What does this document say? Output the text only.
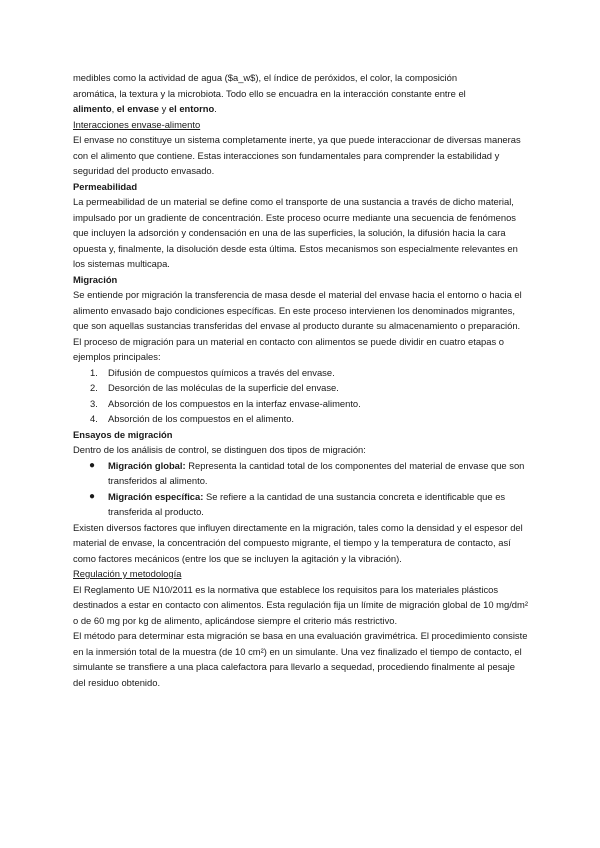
medibles como la actividad de agua ($a_w$), el índice de peróxidos, el color, la composición
aromática, la textura y la microbiota. Todo ello se encuadra en la interacción constante entre el
alimento, el envase y el entorno.

Interacciones envase-alimento

El envase no constituye un sistema completamente inerte, ya que puede interaccionar de diversas maneras con el alimento que contiene. Estas interacciones son fundamentales para comprender la estabilidad y seguridad del producto envasado.

Permeabilidad

La permeabilidad de un material se define como el transporte de una sustancia a través de dicho material, impulsado por un gradiente de concentración. Este proceso ocurre mediante una secuencia de fenómenos que incluyen la adsorción y condensación en una de las superficies, la solución, la difusión hacia la cara opuesta y, finalmente, la disolución desde esta última. Estos mecanismos son especialmente relevantes en los sistemas multicapa.

Migración

Se entiende por migración la transferencia de masa desde el material del envase hacia el entorno o hacia el alimento envasado bajo condiciones específicas. En este proceso intervienen los denominados migrantes, que son aquellas sustancias transferidas del envase al producto durante su almacenamiento o preparación.

El proceso de migración para un material en contacto con alimentos se puede dividir en cuatro etapas o ejemplos principales:

1. Difusión de compuestos químicos a través del envase.
2. Desorción de las moléculas de la superficie del envase.
3. Absorción de los compuestos en la interfaz envase-alimento.
4. Absorción de los compuestos en el alimento.

Ensayos de migración

Dentro de los análisis de control, se distinguen dos tipos de migración:

● Migración global: Representa la cantidad total de los componentes del material de envase que son transferidos al alimento.
● Migración específica: Se refiere a la cantidad de una sustancia concreta e identificable que es transferida al producto.

Existen diversos factores que influyen directamente en la migración, tales como la densidad y el espesor del material de envase, la concentración del compuesto migrante, el tiempo y la temperatura de contacto, así como factores mecánicos (entre los que se incluyen la agitación y la vibración).

Regulación y metodología

El Reglamento UE N10/2011 es la normativa que establece los requisitos para los materiales plásticos destinados a estar en contacto con alimentos. Esta regulación fija un límite de migración global de 10 mg/dm² o de 60 mg por kg de alimento, aplicándose siempre el criterio más restrictivo.

El método para determinar esta migración se basa en una evaluación gravimétrica. El procedimiento consiste en la inmersión total de la muestra (de 10 cm²) en un simulante. Una vez finalizado el tiempo de contacto, el simulante se transfiere a una placa calefactora para llevarlo a sequedad, procediendo finalmente al pesaje del residuo obtenido.
